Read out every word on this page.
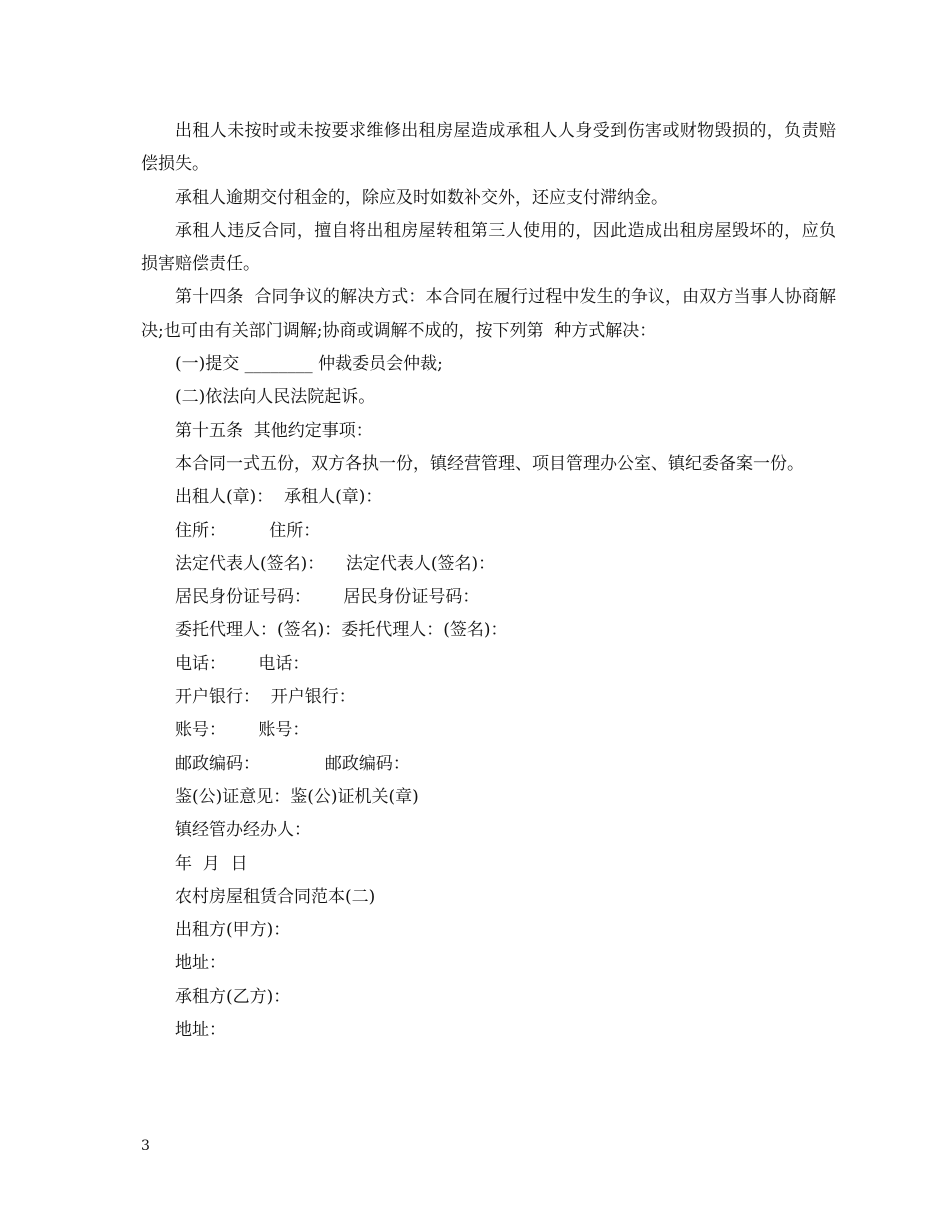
出租人未按时或未按要求维修出租房屋造成承租人人身受到伤害或财物毁损的，负责赔偿损失。

承租人逾期交付租金的，除应及时如数补交外，还应支付滞纳金。

承租人违反合同，擅自将出租房屋转租第三人使用的，因此造成出租房屋毁坏的，应负损害赔偿责任。

第十四条  合同争议的解决方式：本合同在履行过程中发生的争议，由双方当事人协商解决;也可由有关部门调解;协商或调解不成的，按下列第  种方式解决：

(一)提交 ________ 仲裁委员会仲裁;

(二)依法向人民法院起诉。

第十五条  其他约定事项：

本合同一式五份，双方各执一份，镇经营管理、项目管理办公室、镇纪委备案一份。

出租人(章)：  承租人(章)：

住所：        住所：

法定代表人(签名)：    法定代表人(签名)：

居民身份证号码：      居民身份证号码：

委托代理人：(签名)：委托代理人：(签名)：

电话：      电话：

开户银行：  开户银行：

账号：      账号：

邮政编码：            邮政编码：

鉴(公)证意见：鉴(公)证机关(章)

镇经管办经办人：

年  月  日

农村房屋租赁合同范本(二)

出租方(甲方)：

地址：

承租方(乙方)：

地址：

3
